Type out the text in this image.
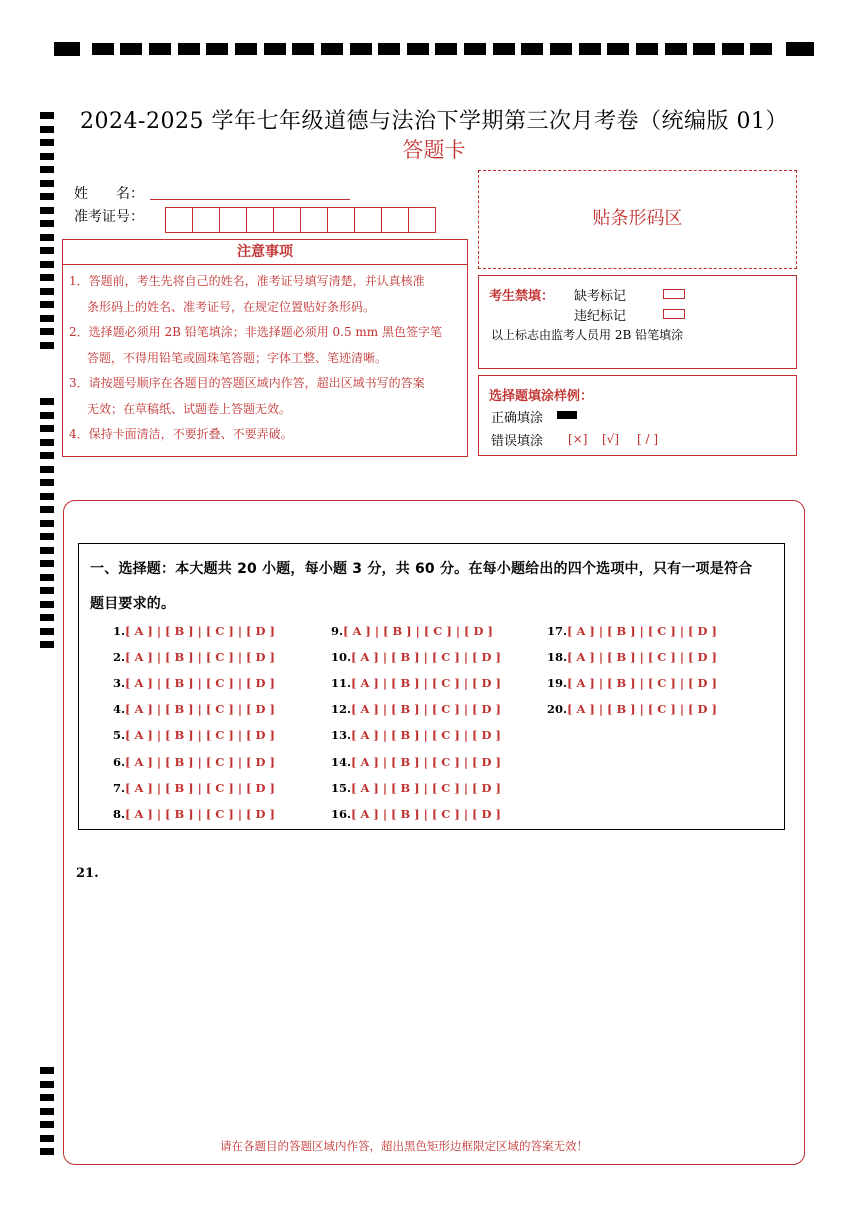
2024-2025 学年七年级道德与法治下学期第三次月考卷（统编版 01）
答题卡
姓　　名：
准考证号：
注意事项
1．答题前，考生先将自己的姓名，准考证号填写清楚，并认真核准
条形码上的姓名、准考证号，在规定位置贴好条形码。
2．选择题必须用 2B 铅笔填涂；非选择题必须用 0.5 mm 黑色签字笔
答题，不得用铅笔或圆珠笔答题；字体工整、笔迹清晰。
3．请按题号顺序在各题目的答题区域内作答，超出区域书写的答案
无效；在草稿纸、试题卷上答题无效。
4．保持卡面清洁，不要折叠、不要弄破。
贴条形码区
考生禁填： 缺考标记
违纪标记
以上标志由监考人员用 2B 铅笔填涂
选择题填涂样例：
正确填涂
错误填涂 [×] [√] [ / ]
一、选择题：本大题共 20 小题，每小题 3 分，共 60 分。在每小题给出的四个选项中，只有一项是符合
题目要求的。
1.[ A ] | [ B ] | [ C ] | [ D ]
2.[ A ] | [ B ] | [ C ] | [ D ]
3.[ A ] | [ B ] | [ C ] | [ D ]
4.[ A ] | [ B ] | [ C ] | [ D ]
5.[ A ] | [ B ] | [ C ] | [ D ]
6.[ A ] | [ B ] | [ C ] | [ D ]
7.[ A ] | [ B ] | [ C ] | [ D ]
8.[ A ] | [ B ] | [ C ] | [ D ]
9.[ A ] | [ B ] | [ C ] | [ D ]
10.[ A ] | [ B ] | [ C ] | [ D ]
11.[ A ] | [ B ] | [ C ] | [ D ]
12.[ A ] | [ B ] | [ C ] | [ D ]
13.[ A ] | [ B ] | [ C ] | [ D ]
14.[ A ] | [ B ] | [ C ] | [ D ]
15.[ A ] | [ B ] | [ C ] | [ D ]
16.[ A ] | [ B ] | [ C ] | [ D ]
17.[ A ] | [ B ] | [ C ] | [ D ]
18.[ A ] | [ B ] | [ C ] | [ D ]
19.[ A ] | [ B ] | [ C ] | [ D ]
20.[ A ] | [ B ] | [ C ] | [ D ]
21.
请在各题目的答题区域内作答，超出黑色矩形边框限定区域的答案无效！
